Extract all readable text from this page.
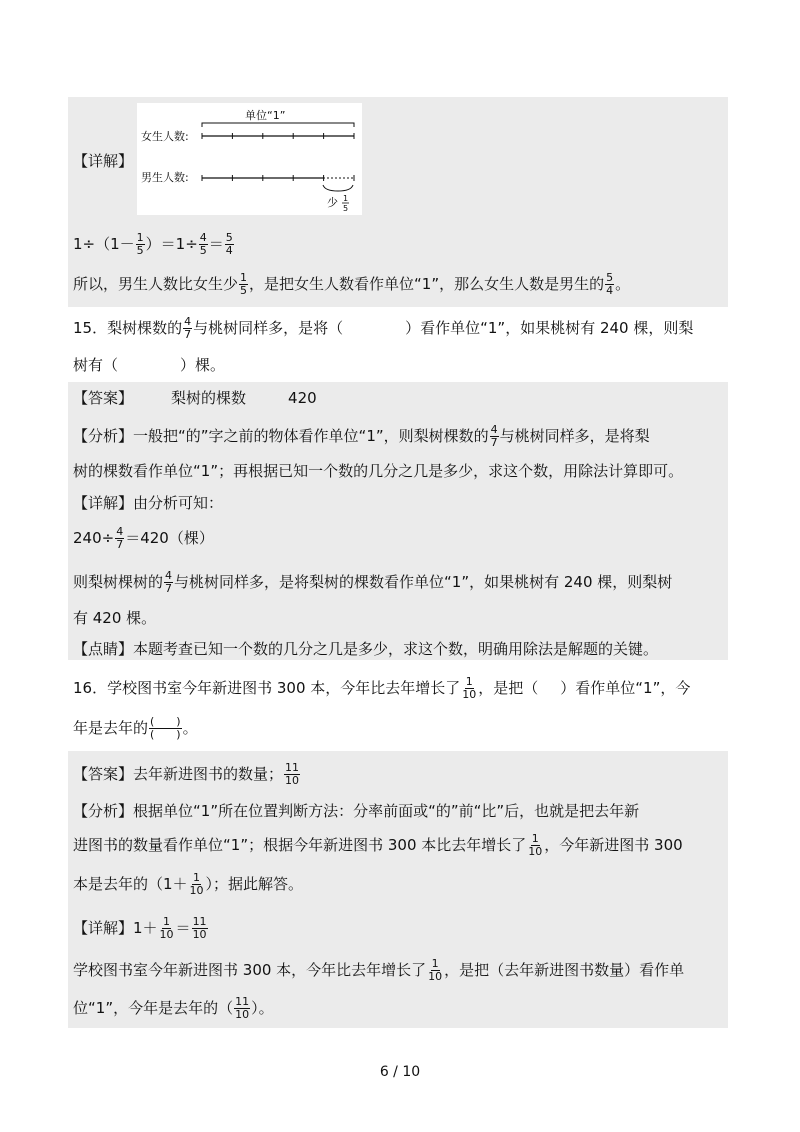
【详解】
单位“1”
女生人数:
男生人数:
少 1
5
$1\div(1- \frac{1}{5} )=1\div \frac{4}{5} = \frac{5}{4}$
所以，男生人数比女生少 $\frac{1}{5}$ ，是把女生人数看作单位“1”，那么女生人数是男生的 $\frac{5}{4}$ 。
15．梨树棵数的 $\frac{4}{7}$ 与桃树同样多，是将（	）看作单位“1”，如果桃树有 240 棵，则梨
树有（	）棵。
【答案】	梨树的棵数	420
【分析】一般把“的”字之前的物体看作单位“1”，则梨树棵数的 $\frac{4}{7}$ 与桃树同样多，是将梨
树的棵数看作单位“1”；再根据已知一个数的几分之几是多少，求这个数，用除法计算即可。
【详解】由分析可知：
$240\div \frac{4}{7} =420$（棵）
则梨树棵树的 $\frac{4}{7}$ 与桃树同样多，是将梨树的棵数看作单位“1”，如果桃树有 240 棵，则梨树
有 420 棵。
【点睛】本题考查已知一个数的几分之几是多少，求这个数，明确用除法是解题的关键。
16．学校图书室今年新进图书 300 本，今年比去年增长了 $\frac{1}{10}$ ，是把（ ）看作单位“1”，今
年是去年的 $\frac{( )}{( )}$ 。
【答案】去年新进图书的数量； $\frac{11}{10}$
【分析】根据单位“1”所在位置判断方法：分率前面或“的”前“比”后，也就是把去年新
进图书的数量看作单位“1”；根据今年新进图书 300 本比去年增长了 $\frac{1}{10}$ ，今年新进图书 300
本是去年的（$1+ \frac{1}{10}$ ）；据此解答。
【详解】$1+ \frac{1}{10} = \frac{11}{10}$
学校图书室今年新进图书 300 本，今年比去年增长了 $\frac{1}{10}$ ，是把（去年新进图书数量）看作单
位“1”，今年是去年的（ $\frac{11}{10}$ ）。
6 / 10
